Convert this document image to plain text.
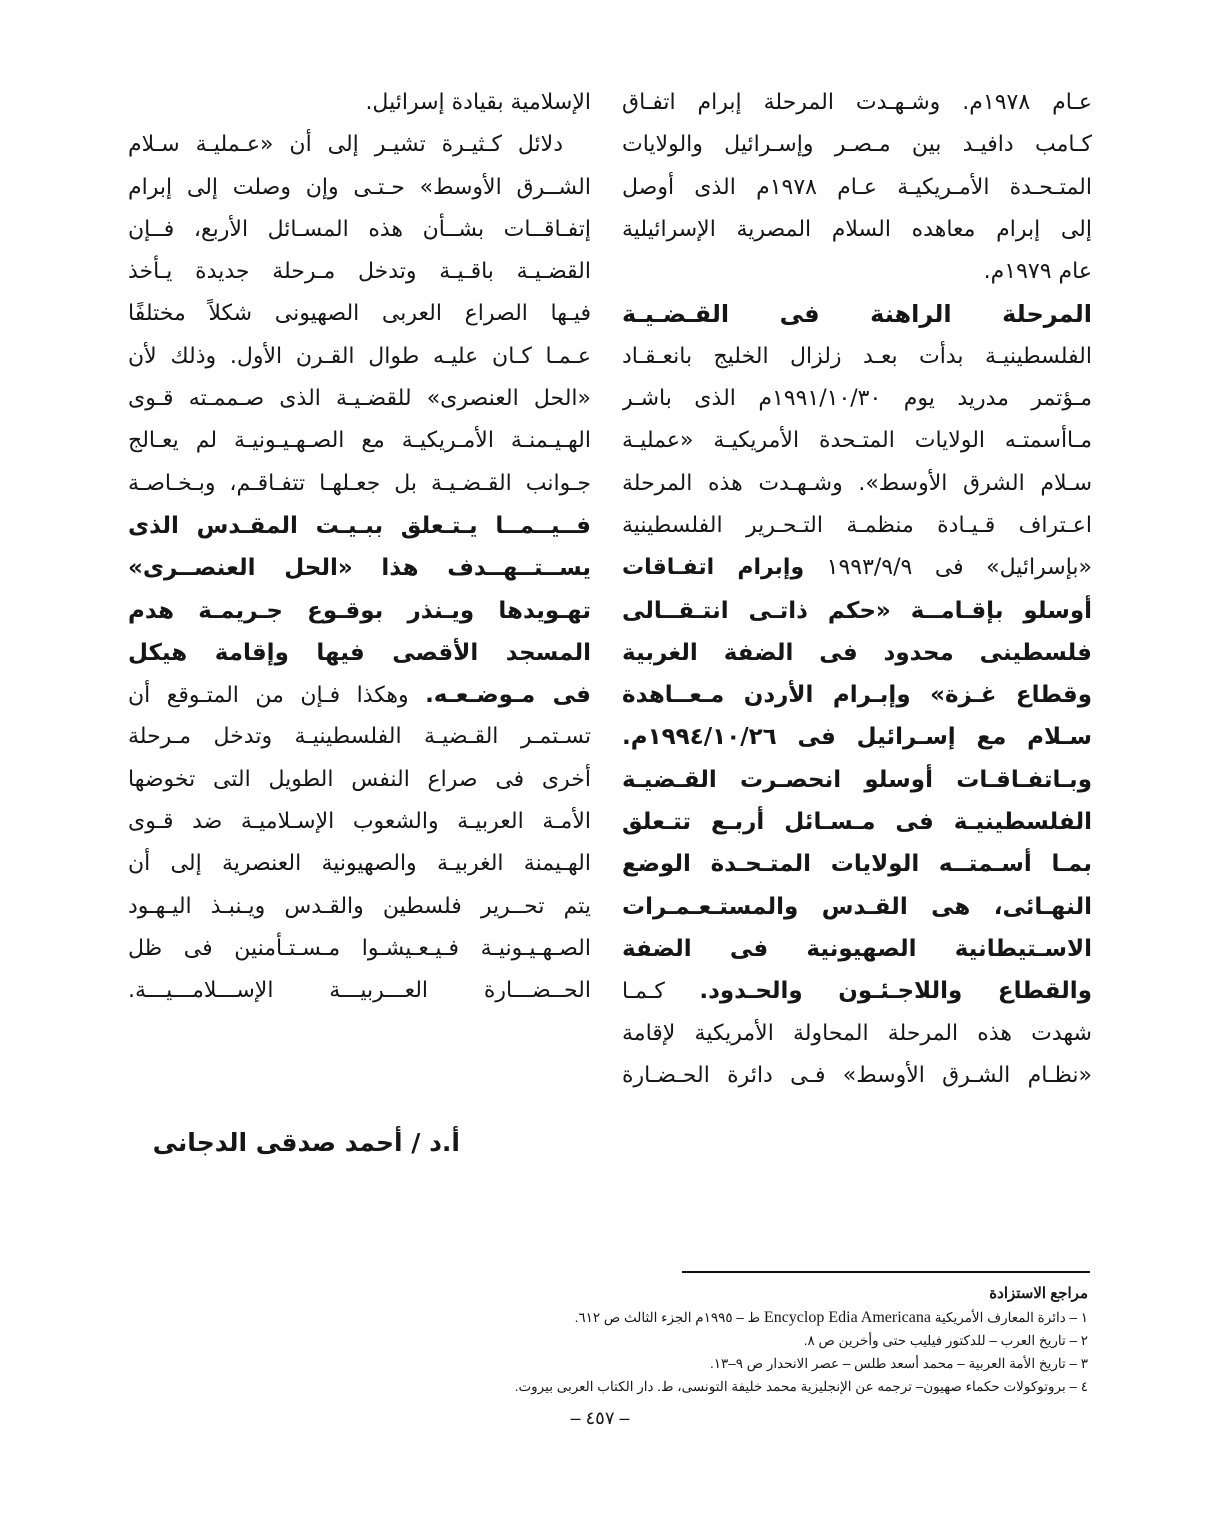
عـام ١٩٧٨م. وشـهـدت المرحلة إبرام اتفـاق
كـامب دافيـد بين مـصـر وإسـرائيل والولايات
المتـحـدة الأمـريكيـة عـام ١٩٧٨م الذى أوصل
إلى إبرام معاهده السلام المصرية الإسرائيلية
عام ١٩٧٩م.
المرحلة الراهنة فى القـضـيـة
الفلسطينيـة بدأت بعـد زلزال الخليج بانعـقـاد
مـؤتمر مدريد يوم ١٩٩١/١٠/٣٠م الذى باشـر
مـاأسمتـه الولايات المتـحدة الأمريكيـة «عمليـة
سـلام الشرق الأوسط». وشـهـدت هذه المرحلة
اعـتراف قـيـادة منظمـة التـحـرير الفلسطينية
«بإسرائيل» فى ١٩٩٣/٩/٩ وإبرام اتفـاقات
أوسلو بإقـامــة «حكم ذاتـى انتـقــالى
فلسطينى محدود فى الضفة الغربية
وقطاع غـزة» وإبـرام الأردن مـعــاهدة
سـلام مع إسـرائيل فى ١٩٩٤/١٠/٢٦م.
وبـاتفـاقـات أوسلو انحصـرت القـضيـة
الفلسطينيـة فى مـسـائل أربـع تتـعلق
بمـا أسـمتــه الولايات المتـحـدة الوضع
النهـائى، هى القـدس والمستـعـمـرات
الاسـتيطانية الصهيونية فى الضفة
والقطاع واللاجـئـون والحـدود. كـمـا
شهدت هذه المرحلة المحاولة الأمريكية لإقامة
«نظـام الشـرق الأوسط» فـى دائرة الحـضـارة
الإسلامية بقيادة إسرائيل.
دلائل كـثيـرة تشيـر إلى أن «عـمليـة سـلام
الشــرق الأوسط» حـتـى وإن وصلت إلى إبرام
إتفـاقــات بشــأن هذه المسـائل الأربع، فــإن
القضـيـة باقـيـة وتدخل مـرحلة جديدة يـأخذ
فيـها الصراع العربى الصهيونى شكلاً مختلفًا
عـمـا كـان عليـه طوال القـرن الأول. وذلك لأن
«الحل العنصرى» للقضـيـة الذى صـممـته قـوى
الهـيـمنـة الأمـريكيـة مع الصـهـيـونيـة لم يعـالج
جـوانب القـضـيـة بل جعـلهـا تتفـاقـم، وبـخـاصـة
فــيــمــا يـتـعلق ببـيـت المقـدس الذى
يســتــهــدف هذا «الحل العنصــرى»
تهـويدها ويـنذر بوقـوع جـريمـة هدم
المسجد الأقصى فيها وإقامة هيكل
فى مـوضـعـه. وهكذا فـإن من المتـوقع أن
تسـتمـر القـضيـة الفلسطينيـة وتدخل مـرحلة
أخرى فى صراع النفس الطويل التى تخوضها
الأمـة العربيـة والشعوب الإسـلاميـة ضد قـوى
الهـيمنة الغربيـة والصهيونية العنصرية إلى أن
يتم تحــرير فلسطين والقـدس ويـنبـذ اليـهـود
الصـهـيـونيـة فـيـعـيشـوا مـسـتـأمنين فى ظل
الحــضـــارة العـــربيـــة الإســـلامـــيـــة.
أ.د / أحمد صدقى الدجانى
مراجع الاستزادة
١ – دائرة المعارف الأمريكية Encyclop Edia Americana ط – ١٩٩٥م الجزء الثالث ص ٦١٢.
٢ – تاريخ العرب – للدكتور فيليب حتى وأخرين ص ٨.
٣ – تاريخ الأمة العربية – محمد أسعد طلس – عصر الانحدار ص ٩–١٣.
٤ – بروتوكولات حكماء صهيون– ترجمه عن الإنجليزية محمد خليفة التونسى، ط. دار الكتاب العربى بيروت.
– ٤٥٧ –
